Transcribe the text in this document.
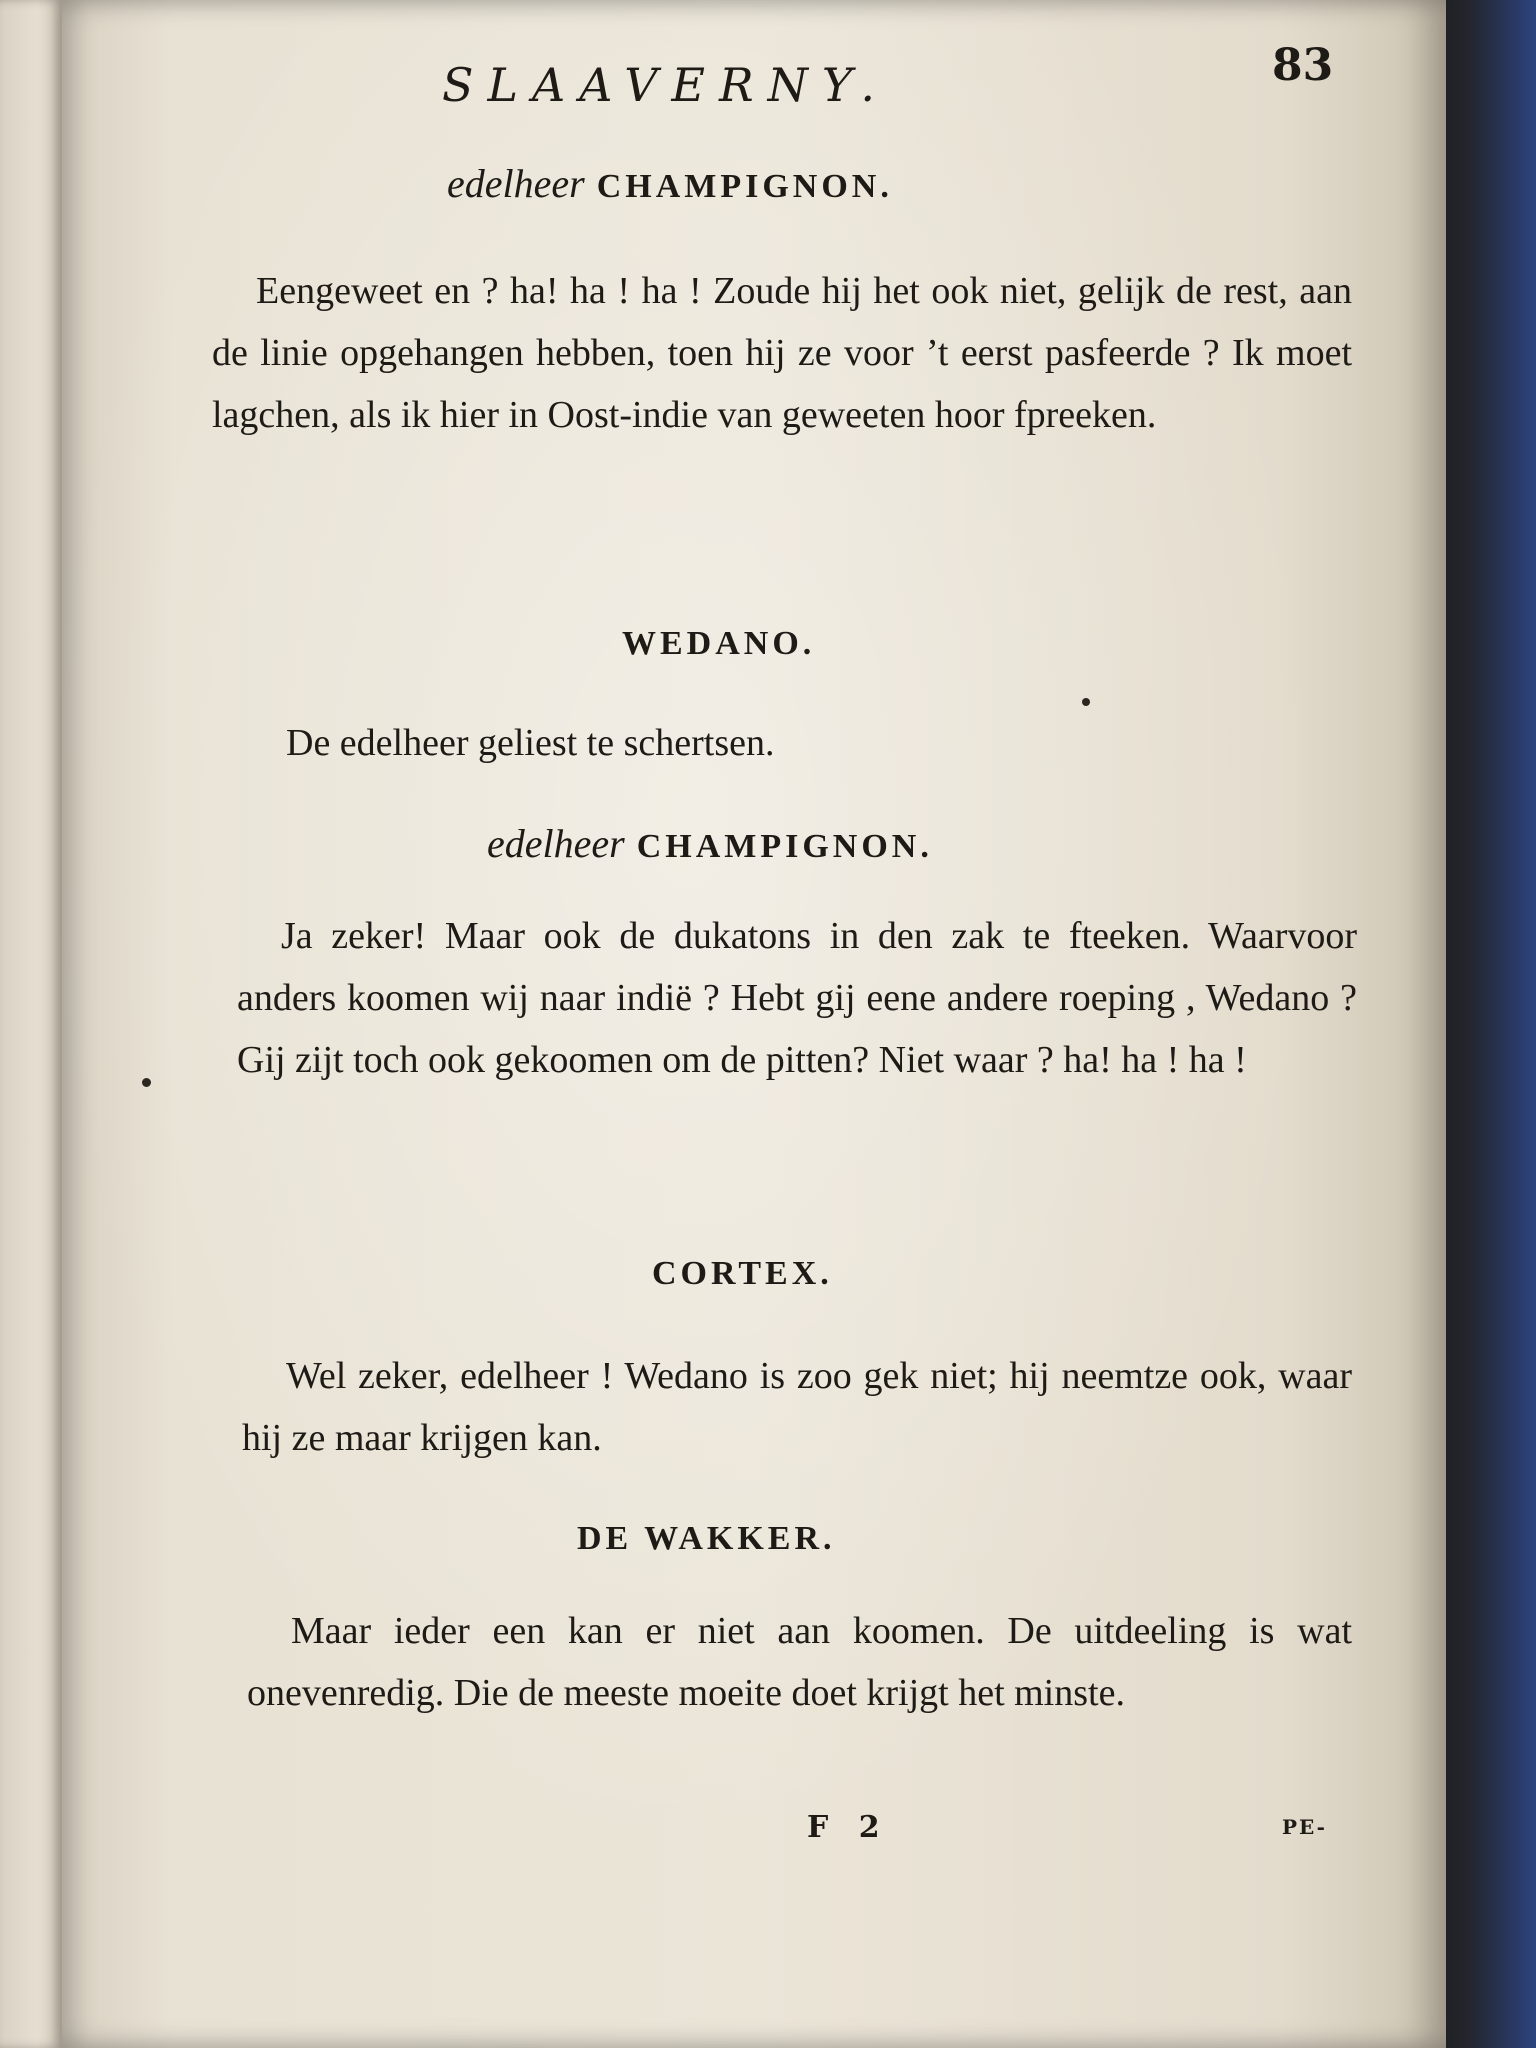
SLAAVERNY.	83
edelheer CHAMPIGNON.

Eengeweet en ? ha! ha ! ha ! Zoude hij het ook niet, gelijk de rest, aan de linie opgehangen hebben, toen hij ze voor ’t eerst pasfeerde ? Ik moet lagchen, als ik hier in Oost-indie van geweeten hoor fpreeken.

WEDANO.

De edelheer geliest te schertsen.

edelheer CHAMPIGNON.

Ja zeker! Maar ook de dukatons in den zak te fteeken. Waarvoor anders koomen wij naar indië ? Hebt gij eene andere roeping , Wedano ? Gij zijt toch ook gekoomen om de pitten? Niet waar ? ha! ha ! ha !

CORTEX.

Wel zeker, edelheer ! Wedano is zoo gek niet; hij neemtze ook, waar hij ze maar krijgen kan.

DE WAKKER.

Maar ieder een kan er niet aan koomen. De uitdeeling is wat onevenredig. Die de meeste moeite doet krijgt het minste.

F 2	PE-
